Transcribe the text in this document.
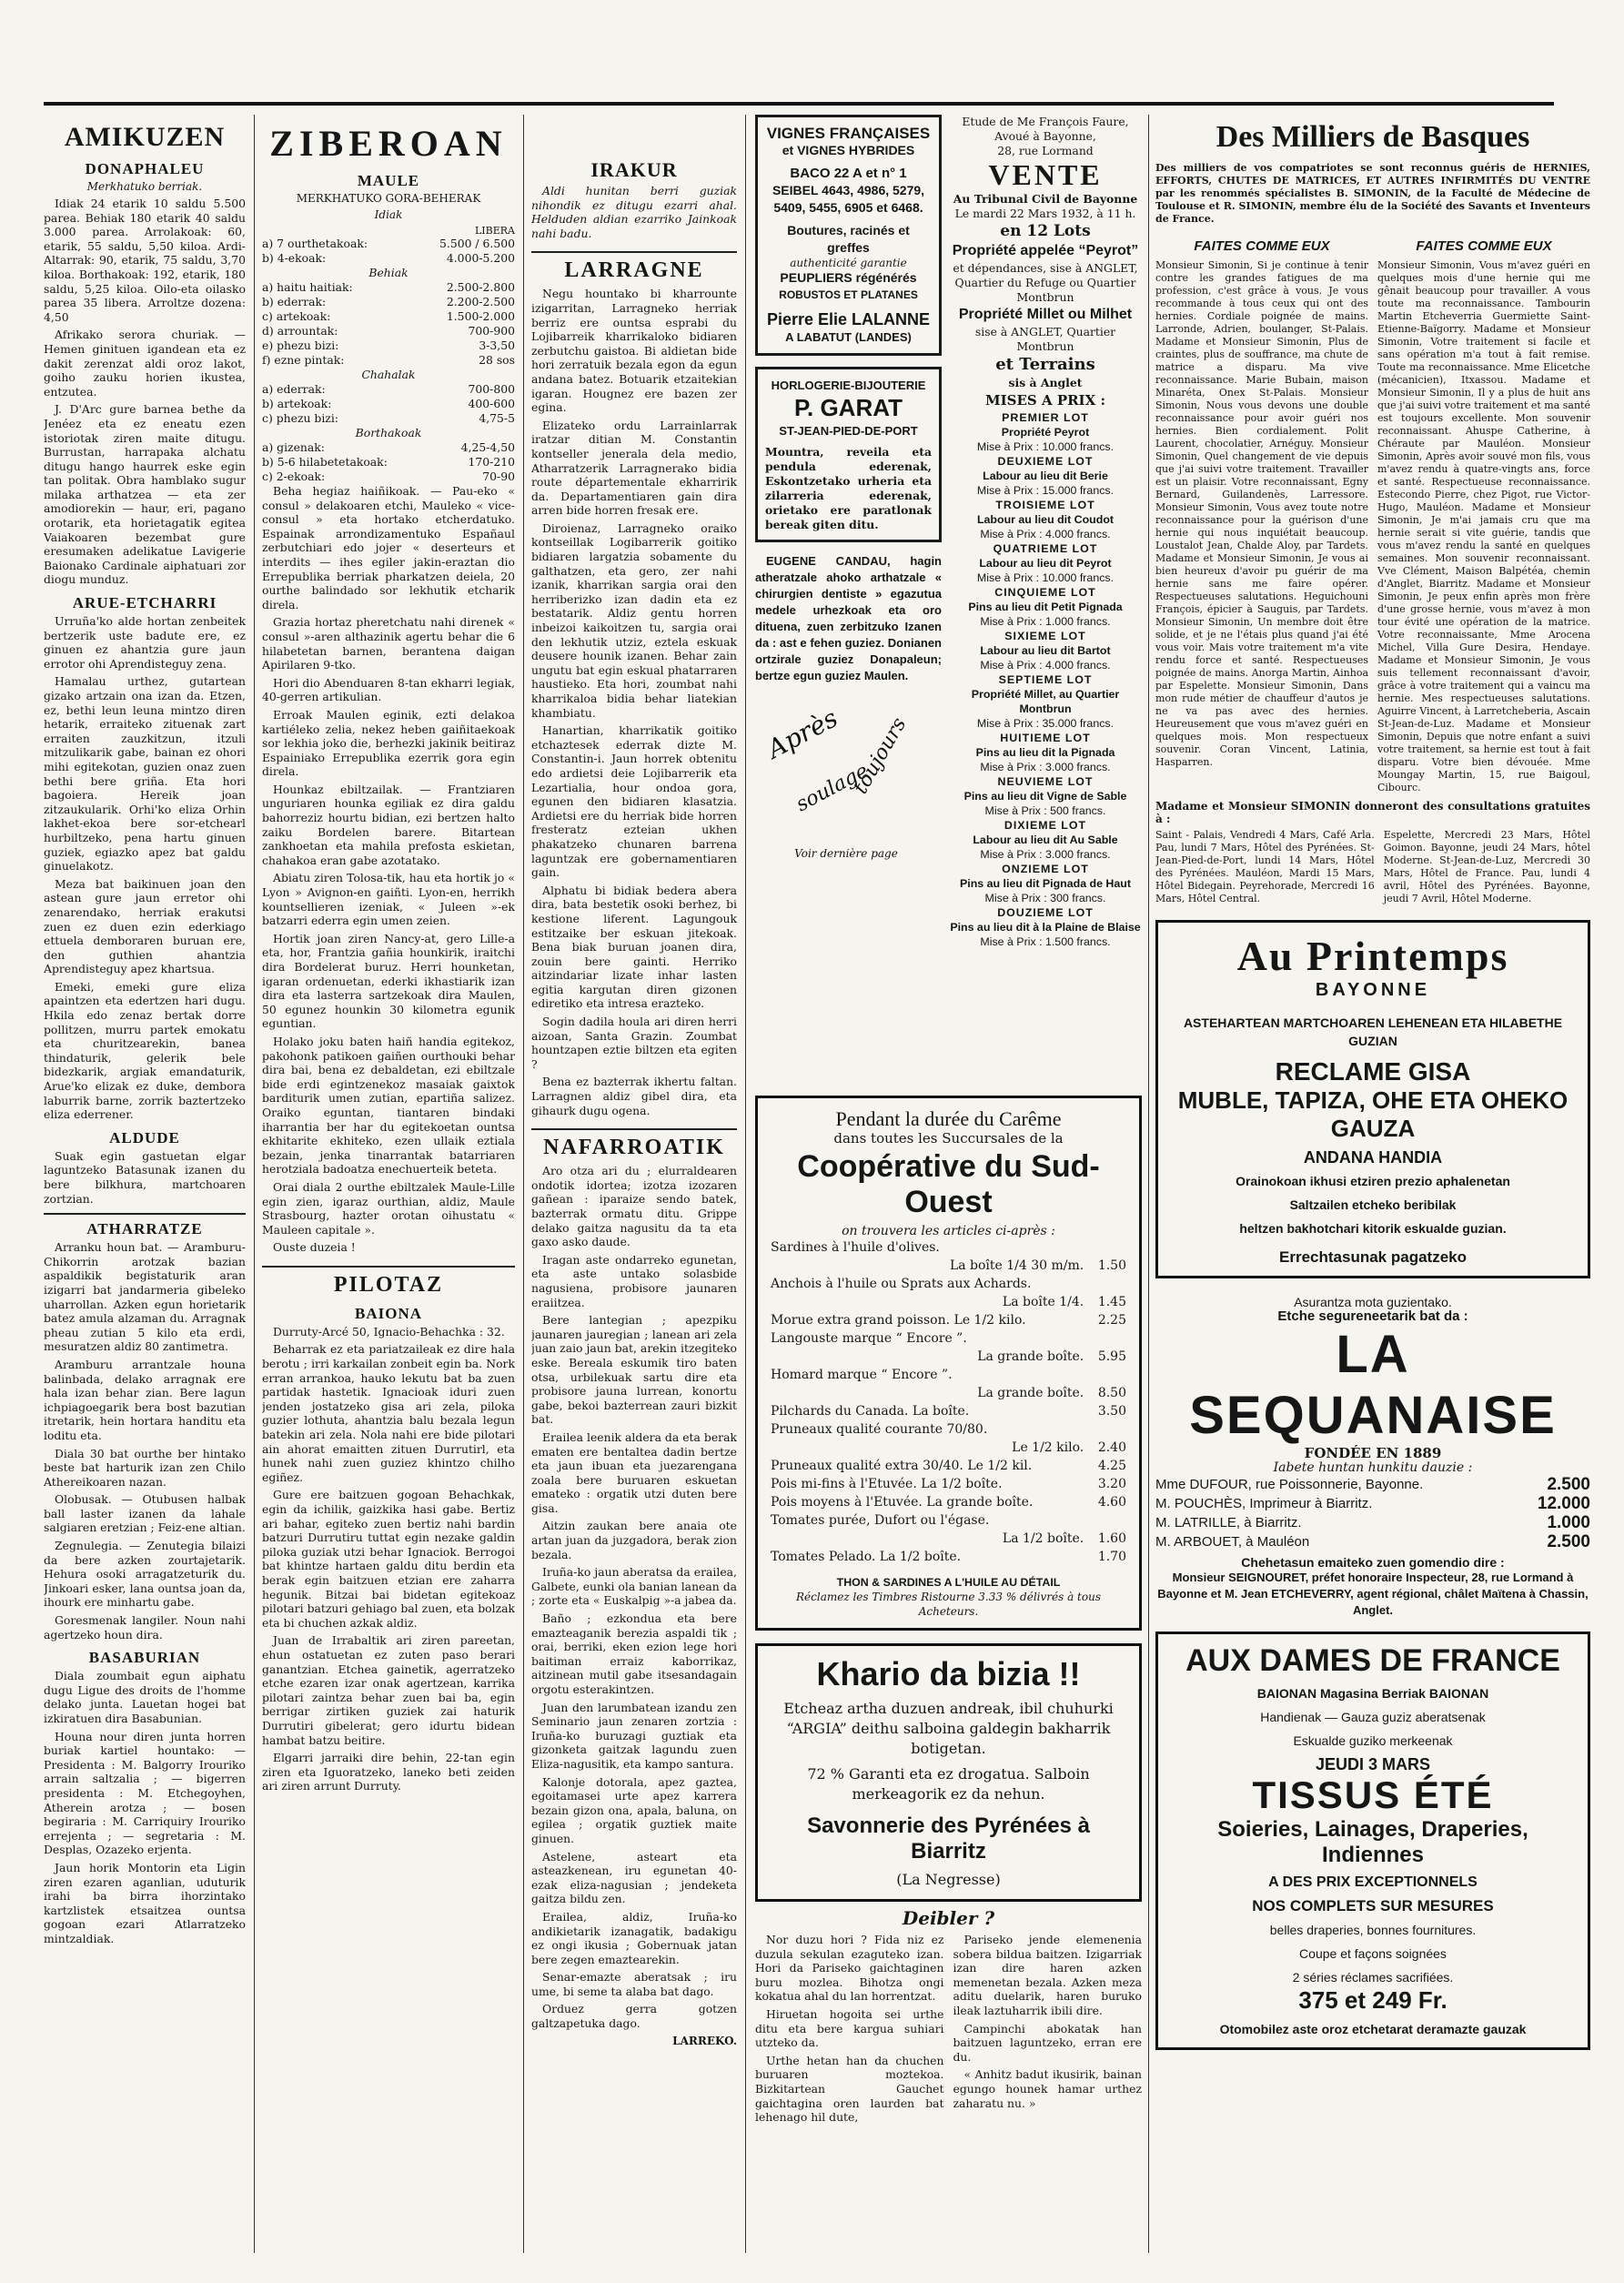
AMIKUZEN
DONAPHALEU
Merkhatuko berriak.

Idiak 24 etarik 10 saldu 5.500 parea. Behiak 180 etarik 40 saldu 3.000 parea. Arrolakoak: 60, etarik, 55 saldu, 5,50 kiloa. Ardi-Altarrak: 90, etarik, 75 saldu, 3,70 kiloa. Borthakoak: 192, etarik, 180 saldu, 5,25 kiloa. Oilo-eta oilasko parea 35 libera. Arroltze dozena: 4,50

Afrikako serora churiak. — Hemen ginituen igandean eta ez dakit zerenzat aldi oroz lakot, goiho zauku horien ikustea, entzutea.

J. D'Arc gure barnea bethe da Jenéez eta ez eneatu ezen istoriotak ziren maite ditugu. Burrustan, harrapaka alchatu ditugu hango haurrek eske egin tan politak. Obra hamblako sugur milaka arthatzea — eta zer amodiorekin — haur, eri, pagano orotarik, eta horietagatik egitea Vaiakoaren bezembat gure eresumaken adelikatue Lavigerie Baionako Cardinale aiphatuari zor diogu munduz.

ARUE-ETCHARRI

Urruña'ko alde hortan zenbeitek bertzerik uste badute ere, ez ginuen ez ahantzia gure jaun errotor ohi Aprendisteguy zena.

Hamalau urthez, gutartean gizako artzain ona izan da. Etzen, ez, bethi leun leuna mintzo diren hetarik, erraiteko zituenak zart erraiten zauzkitzun, itzuli mitzulikarik gabe, bainan ez ohori mihi egitekotan, guzien onaz zuen bethi bere griña. Eta hori bagoiera. Hereik joan zitzaukularik. Orhi'ko eliza Orhin lakhet-ekoa bere sor-etchearl hurbiltzeko, pena hartu ginuen guziek, egiazko apez bat galdu ginuelakotz.

Meza bat baikinuen joan den astean gure jaun erretor ohi zenarendako, herriak erakutsi zuen ez duen ezin ederkiago ettuela demboraren buruan ere, den guthien ahantzia Aprendisteguy apez khartsua.

Emeki, emeki gure eliza apaintzen eta edertzen hari dugu. Hkila edo zenaz bertak dorre pollitzen, murru partek emokatu eta churitzearekin, banea thindaturik, gelerik bele bidezkarik, argiak emandaturik, Arue'ko elizak ez duke, dembora laburrik barne, zorrik baztertzeko eliza ederrener.

ALDUDE

Suak egin gastuetan elgar laguntzeko Batasunak izanen du bere bilkhura, martchoaren zortzian.

ATHARRATZE

Arranku houn bat. — Aramburu-Chikorrin arotzak bazian aspaldikik begistaturik aran izigarri bat jandarmeria gibeleko uharrollan. Azken egun horietarik batez amula alzaman du. Arragnak pheau zutian 5 kilo eta erdi, mesuratzen aldiz 80 zantimetra.

Aramburu arrantzale houna balinbada, delako arragnak ere hala izan behar zian. Bere lagun ichpiagoegarik bera bost bazutian itretarik, hein hortara handitu eta loditu eta.

Diala 30 bat ourthe ber hintako beste bat harturik izan zen Chilo Athereikoaren nazan.

Olobusak. — Otubusen halbak ball laster izanen da lahale salgiaren eretzian ; Feiz-ene altian.

Zegnulegia. — Zenutegia bilaizi da bere azken zourtajetarik. Hehura osoki arragatzeturik du. Jinkoari esker, lana ountsa joan da, ihourk ere minhartu gabe.

Goresmenak langiler. Noun nahi agertzeko houn dira.

BASABURIAN

Diala zoumbait egun aiphatu dugu Ligue des droits de l'homme delako junta. Lauetan hogei bat izkiratuen dira Basabunian.

Houna nour diren junta horren buriak kartiel hountako: — Presidenta : M. Balgorry Irouriko arrain saltzalia ; — bigerren presidenta : M. Etchegoyhen, Atherein arotza ; — bosen begiraria : M. Carriquiry Irouriko errejenta ; — segretaria : M. Desplas, Ozazeko erjenta.

Jaun horik Montorin eta Ligin ziren ezaren aganlian, uduturik irahi ba birra ihorzintako kartzlistek etsaitzea ountsa gogoan ezari Atlarratzeko mintzaldiak.

ZIBEROAN
MAULE
MERKHATUKO GORA-BEHERAK
Idiak
LIBERA
a) 7 ourthetakoak:	5.500 / 6.500
b) 4-ekoak:	4.000-5.200
Behiak	
a) haitu haitiak:	2.500-2.800
b) ederrak:	2.200-2.500
c) artekoak:	1.500-2.000
d) arrountak:	700-900
e) phezu bizi:	3-3,50
f) ezne pintak:	28 sos
Chahalak	
a) ederrak:	700-800
b) artekoak:	400-600
c) phezu bizi:	4,75-5
Borthakoak	
a) gizenak:	4,25-4,50
b) 5-6 hilabetetakoak:	170-210
c) 2-ekoak:	70-90

Beha hegiaz haiñikoak. — Pau-eko « consul » delakoaren etchi, Mauleko « vice-consul » eta hortako etcherdatuko. Espainak arrondizamentuko Españaul zerbutchiari edo jojer « deserteurs et interdits — ihes egiler jakin-eraztan dio Errepublika berriak pharkatzen deiela, 20 ourthe balindado sor lekhutik etcharik direla.

Grazia hortaz pheretchatu nahi direnek « consul »-aren althazinik agertu behar die 6 hilabetetan barnen, berantena daigan Apirilaren 9-tko.

Hori dio Abenduaren 8-tan ekharri legiak, 40-gerren artikulian.

Erroak Maulen eginik, ezti delakoa kartiéleko zelia, nekez heben gaiñitaekoak sor lekhia joko die, berhezki jakinik beitiraz Espainiako Errepublika ezerrik gora egin direla.

Hounkaz ebiltzailak. — Frantziaren unguriaren hounka egiliak ez dira galdu bahorreziz hourtu bidian, ezi bertzen halto zaiku Bordelen barere. Bitartean zankhoetan eta mahila prefosta eskietan, chahakoa eran gabe azotatako.

Abiatu ziren Tolosa-tik, hau eta hortik jo « Lyon » Avignon-en gaiñti. Lyon-en, herrikh kountsellieren izeniak, « Juleen »-ek batzarri ederra egin umen zeien.

Hortik joan ziren Nancy-at, gero Lille-a eta, hor, Frantzia gañia hounkirik, iraitchi dira Bordelerat buruz. Herri hounketan, igaran ordenuetan, ederki ikhastiarik izan dira eta lasterra sartzekoak dira Maulen, 50 egunez hounkin 30 kilometra egunik eguntian.

Holako joku baten haiñ handia egitekoz, pakohonk patikoen gaiñen ourthouki behar dira bai, bena ez debaldetan, ezi ebiltzale bide erdi egintzenekoz masaiak gaixtok barditurik umen zutian, epartiña salizez. Oraiko eguntan, tiantaren bindaki iharrantia ber har du egitekoetan ountsa ekhitarite ekhiteko, ezen ullaik eztiala bezain, jenka tinarrantak batarriaren herotziala badoatza enechuerteik beteta.

Orai diala 2 ourthe ebiltzalek Maule-Lille egin zien, igaraz ourthian, aldiz, Maule Strasbourg, hazter orotan oihustatu « Mauleen capitale ».

Ouste duzeia !

PILOTAZ
BAIONA

Durruty-Arcé 50, Ignacio-Behachka : 32.

Beharrak ez eta pariatzaileak ez dire hala berotu ; irri karkailan zonbeit egin ba. Nork erran arrankoa, hauko lekutu bat ba zuen partidak hastetik. Ignacioak iduri zuen jenden jostatzeko gisa ari zela, piloka guzier lothuta, ahantzia balu bezala legun batekin ari zela. Nola nahi ere bide pilotari ain ahorat emaitten zituen Durrutirl, eta hunek nahi zuen guziez khintzo chilho egiñez.

Gure ere baitzuen gogoan Behachkak, egin da ichilik, gaizkika hasi gabe. Bertiz ari bahar, egiteko zuen bertiz nahi bardin batzuri Durrutiru tuttat egin nezake galdin piloka guziak utzi behar Ignaciok. Berrogoi bat khintze hartaen galdu ditu berdin eta berak egin baitzuen etzian ere zaharra hegunik. Bitzai bai bidetan egitekoaz pilotari batzuri gehiago bal zuen, eta bolzak eta bi chuchen azkak aldiz.

Juan de Irrabaltik ari ziren pareetan, ehun ostatuetan ez zuten paso berari ganantzian. Etchea gainetik, agerratzeko etche ezaren izar onak agertzean, karrika pilotari zaintza behar zuen bai ba, egin berrigar zirtiken guziek zai haturik Durrutiri gibelerat; gero idurtu bidean hambat batzu beitire.

Elgarri jarraiki dire behin, 22-tan egin ziren eta Iguoratzeko, laneko beti zeiden ari ziren arrunt Durruty.

IRAKUR

Aldi hunitan berri guziak nihondik ez ditugu ezarri ahal. Helduden aldian ezarriko Jainkoak nahi badu.

LARRAGNE

Negu hountako bi kharrounte izigarritan, Larragneko herriak berriz ere ountsa esprabi du Lojibarreik kharrikaloko bidiaren zerbutchu gaistoa. Bi aldietan bide hori zerratuik bezala egon da egun andana batez. Botuarik etzaitekian igaran. Hougnez ere bazen zer egina.

Elizateko ordu Larrainlarrak iratzar ditian M. Constantin kontseller jenerala dela medio, Atharratzerik Larragnerako bidia route départementale ekharririk da. Departamentiaren gain dira arren bide horren fresak ere.

Diroienaz, Larragneko oraiko kontseillak Logibarrerik goitiko bidiaren largatzia sobamente du galthatzen, eta gero, zer nahi izanik, kharrikan sargia orai den herriberizko izan dadin eta ez bestatarik. Aldiz gentu horren inbeizoi kaikoitzen tu, sargia orai den lekhutik utziz, eztela eskuak deusere hounik izanen. Behar zain ungutu bat egin eskual phatarraren haustieko. Eta hori, zoumbat nahi kharrikaloa bidia behar liatekian khambiatu.

Hanartian, kharrikatik goitiko etchaztesek ederrak dizte M. Constantin-i. Jaun horrek obtenitu edo ardietsi deie Lojibarrerik eta Lezartialia, hour ondoa gora, egunen den bidiaren klasatzia. Ardietsi ere du herriak bide horren fresteratz ezteian ukhen phakatzeko chunaren barrena laguntzak ere gobernamentiaren gain.

Alphatu bi bidiak bedera abera dira, bata bestetik osoki berhez, bi kestione liferent. Lagungouk estitzaike ber eskuan jitekoak. Bena biak buruan joanen dira, zouin bere gainti. Herriko aitzindariar lizate inhar lasten egitia kargutan diren gizonen ediretiko eta intresa erazteko.

Sogin dadila houla ari diren herri aizoan, Santa Grazin. Zoumbat hountzapen eztie biltzen eta egiten ?

Bena ez bazterrak ikhertu faltan. Larragnen aldiz gibel dira, eta gihaurk dugu ogena.

NAFARROATIK

Aro otza ari du ; elurraldearen ondotik idortea; izotza izozaren gañean : iparaize sendo batek, bazterrak ormatu ditu. Grippe delako gaitza nagusitu da ta eta gaxo asko daude.

Iragan aste ondarreko egunetan, eta aste untako solasbide nagusiena, probisore jaunaren eraiitzea.

Bere lantegian ; apezpiku jaunaren jauregian ; lanean ari zela juan zaio jaun bat, arekin itzegiteko eske. Bereala eskumik tiro baten otsa, urbilekuak sartu dire eta probisore jauna lurrean, konortu gabe, bekoi bazterrean zauri bizkit bat.

Erailea leenik aldera da eta berak ematen ere bentaltea dadin bertze eta jaun ibuan eta juezarengana zoala bere buruaren eskuetan emateko : orgatik utzi duten bere gisa.

Aitzin zaukan bere anaia ote artan juan da juzgadora, berak zion bezala.

Iruña-ko jaun aberatsa da erailea, Galbete, eunki ola banian lanean da ; zorte eta « Euskalpig »-a jabea da.

Baño ; ezkondua eta bere emazteaganik berezia aspaldi tik ; orai, berriki, eken ezion lege hori baitiman erraiz kaborrikaz, aitzinean mutil gabe itsesandagain orgotu esterakintzen.

Juan den larumbatean izandu zen Seminario jaun zenaren zortzia : Iruña-ko buruzagi guztiak eta gizonketa gaitzak lagundu zuen Eliza-nagusitik, eta kampo santura.

Kalonje dotorala, apez gaztea, egoitamasei urte apez karrera bezain gizon ona, apala, baluna, on egilea ; orgatik guztiek maite ginuen.

Astelene, asteart eta asteazkenean, iru egunetan 40-ezak eliza-nagusian ; jendeketa gaitza bildu zen.

Erailea, aldiz, Iruña-ko andikietarik izanagatik, badakigu ez ongi ikusia ; Gobernuak jatan bere zegen emaztearekin.

Senar-emazte aberatsak ; iru ume, bi seme ta alaba bat dago.

Orduez gerra gotzen galtzapetuka dago.

LARREKO.
VIGNES FRANÇAISES
et VIGNES HYBRIDES
BACO 22 A et n° 1
SEIBEL 4643, 4986, 5279, 5409, 5455, 6905 et 6468.
Boutures, racinés et greffes
authenticité garantie
PEUPLIERS régénérés
ROBUSTOS ET PLATANES
Pierre Elie LALANNE
A LABATUT (LANDES)
HORLOGERIE-BIJOUTERIE
P. GARAT
ST-JEAN-PIED-DE-PORT
Mountra, reveila eta pendula ederenak, Eskontzetako urheria eta zilarreria ederenak, orietako ere paratlonak bereak giten ditu.

EUGENE CANDAU, hagin atheratzale ahoko arthatzale « chirurgien dentiste » egazutua medele urhezkoak eta oro dituena, zuen zerbitzuko Izanen da : ast e fehen guziez. Donianen ortzirale guziez Donapaleun; bertze egun guziez Maulen.

Après
soulage
toujours
Voir dernière page
Etude de Me François Faure,
Avoué à Bayonne,
28, rue Lormand
VENTE
Au Tribunal Civil de Bayonne
Le mardi 22 Mars 1932, à 11 h.
en 12 Lots
Propriété appelée “Peyrot”
et dépendances, sise à ANGLET, Quartier du Refuge ou Quartier Montbrun
Propriété Millet ou Milhet
sise à ANGLET, Quartier Montbrun
et Terrains
sis à Anglet
MISES A PRIX :
PREMIER LOT
Propriété Peyrot
Mise à Prix : 10.000 francs.
DEUXIEME LOT
Labour au lieu dit Berie
Mise à Prix : 15.000 francs.
TROISIEME LOT
Labour au lieu dit Coudot
Mise à Prix : 4.000 francs.
QUATRIEME LOT
Labour au lieu dit Peyrot
Mise à Prix : 10.000 francs.
CINQUIEME LOT
Pins au lieu dit Petit Pignada
Mise à Prix : 1.000 francs.
SIXIEME LOT
Labour au lieu dit Bartot
Mise à Prix : 4.000 francs.
SEPTIEME LOT
Propriété Millet, au Quartier Montbrun
Mise à Prix : 35.000 francs.
HUITIEME LOT
Pins au lieu dit la Pignada
Mise à Prix : 3.000 francs.
NEUVIEME LOT
Pins au lieu dit Vigne de Sable
Mise à Prix : 500 francs.
DIXIEME LOT
Labour au lieu dit Au Sable
Mise à Prix : 3.000 francs.
ONZIEME LOT
Pins au lieu dit Pignada de Haut
Mise à Prix : 300 francs.
DOUZIEME LOT
Pins au lieu dit à la Plaine de Blaise
Mise à Prix : 1.500 francs.
Pendant la durée du Carême
dans toutes les Succursales de la
Coopérative du Sud-Ouest
on trouvera les articles ci-après :
Sardines à l'huile d'olives.	
La boîte 1/4 30 m/m.	1.50
Anchois à l'huile ou Sprats aux Achards.	
La boîte 1/4.	1.45
Morue extra grand poisson. Le 1/2 kilo.	2.25
Langouste marque “ Encore ”.	
La grande boîte.	5.95
Homard marque “ Encore ”.	
La grande boîte.	8.50
Pilchards du Canada. La boîte.	3.50
Pruneaux qualité courante 70/80.	
Le 1/2 kilo.	2.40
Pruneaux qualité extra 30/40. Le 1/2 kil.	4.25
Pois mi-fins à l'Etuvée. La 1/2 boîte.	3.20
Pois moyens à l'Etuvée. La grande boîte.	4.60
Tomates purée, Dufort ou l'égase.	
La 1/2 boîte.	1.60
Tomates Pelado. La 1/2 boîte.	1.70
THON & SARDINES A L'HUILE AU DÉTAIL
Réclamez les Timbres Ristourne 3.33 % délivrés à tous Acheteurs.
Khario da bizia !!
Etcheaz artha duzuen andreak, ibil chuhurki “ARGIA” deithu salboina galdegin bakharrik botigetan.
72 % Garanti eta ez drogatua. Salboin merkeagorik ez da nehun.
Savonnerie des Pyrénées à Biarritz
(La Negresse)
Deibler ?

Nor duzu hori ? Fida niz ez duzula sekulan ezaguteko izan. Hori da Pariseko gaichtaginen buru mozlea. Bihotza ongi kokatua ahal du lan horrentzat.

Hiruetan hogoita sei urthe ditu eta bere kargua suhiari utzteko da.

Urthe hetan han da chuchen buruaren moztekoa. Bizkitartean Gauchet gaichtagina oren laurden bat lehenago hil dute,

Pariseko jende elemenenia sobera bildua baitzen. Izigarriak izan dire haren azken memenetan bezala. Azken meza aditu duelarik, haren buruko ileak laztuharrik ibili dire.

Campinchi abokatak han baitzuen laguntzeko, erran ere du.

« Anhitz badut ikusirik, bainan egungo hounek hamar urthez zaharatu nu. »

Des Milliers de Basques

Des milliers de vos compatriotes se sont reconnus guéris de HERNIES, EFFORTS, CHUTES DE MATRICES, ET AUTRES INFIRMITÉS DU VENTRE par les renommés spécialistes B. SIMONIN, de la Faculté de Médecine de Toulouse et R. SIMONIN, membre élu de la Société des Savants et Inventeurs de France.

FAITES COMME EUX

Monsieur Simonin, Si je continue à tenir contre les grandes fatigues de ma profession, c'est grâce à vous. Je vous recommande à tous ceux qui ont des hernies. Cordiale poignée de mains. Larronde, Adrien, boulanger, St-Palais. Madame et Monsieur Simonin, Plus de craintes, plus de souffrance, ma chute de matrice a disparu. Ma vive reconnaissance. Marie Bubain, maison Minaréta, Onex St-Palais. Monsieur Simonin, Nous vous devons une double reconnaissance pour avoir guéri nos hernies. Bien cordialement. Polit Laurent, chocolatier, Arnéguy. Monsieur Simonin, Quel changement de vie depuis que j'ai suivi votre traitement. Travailler est un plaisir. Votre reconnaissant, Egny Bernard, Guilandenès, Larressore. Monsieur Simonin, Vous avez toute notre reconnaissance pour la guérison d'une hernie qui nous inquiétait beaucoup. Loustalot Jean, Chalde Aloy, par Tardets. Madame et Monsieur Simonin, Je vous ai bien heureux d'avoir pu guérir de ma hernie sans me faire opérer. Respectueuses salutations. Heguichouni François, épicier à Sauguis, par Tardets. Monsieur Simonin, Un membre doit être solide, et je ne l'étais plus quand j'ai été vous voir. Mais votre traitement m'a vite rendu force et santé. Respectueuses poignée de mains. Anorga Martin, Ainhoa par Espelette. Monsieur Simonin, Dans mon rude métier de chauffeur d'autos je ne va pas avec des hernies. Heureusement que vous m'avez guéri en quelques mois. Mon respectueux souvenir. Coran Vincent, Latinia, Hasparren.

FAITES COMME EUX

Monsieur Simonin, Vous m'avez guéri en quelques mois d'une hernie qui me gênait beaucoup pour travailler. A vous toute ma reconnaissance. Tambourin Martin Etcheverria Guermiette Saint-Etienne-Baïgorry. Madame et Monsieur Simonin, Votre traitement si facile et sans opération m'a tout à fait remise. Toute ma reconnaissance. Mme Elicetche (mécanicien), Itxassou. Madame et Monsieur Simonin, Il y a plus de huit ans que j'ai suivi votre traitement et ma santé est toujours excellente. Mon souvenir reconnaissant. Ahuspe Catherine, à Chéraute par Mauléon. Monsieur Simonin, Après avoir souvé mon fils, vous m'avez rendu à quatre-vingts ans, force et santé. Respectueuse reconnaissance. Estecondo Pierre, chez Pigot, rue Victor-Hugo, Mauléon. Madame et Monsieur Simonin, Je m'ai jamais cru que ma hernie serait si vite guérie, tandis que vous m'avez rendu la santé en quelques semaines. Mon souvenir reconnaissant. Vve Clément, Maison Balpétéa, chemin d'Anglet, Biarritz. Madame et Monsieur Simonin, Je peux enfin après mon frère d'une grosse hernie, vous m'avez à mon tour évité une opération de la matrice. Votre reconnaissante, Mme Arocena Michel, Villa Gure Desira, Hendaye. Madame et Monsieur Simonin, Je vous suis tellement reconnaissant d'avoir, grâce à votre traitement qui a vaincu ma hernie. Mes respectueuses salutations. Aguirre Vincent, à Larretcheberia, Ascain St-Jean-de-Luz. Madame et Monsieur Simonin, Depuis que notre enfant a suivi votre traitement, sa hernie est tout à fait disparu. Votre bien dévouée. Mme Moungay Martin, 15, rue Baigoul, Cibourc.

Madame et Monsieur SIMONIN donneront des consultations gratuites à :

Saint - Palais, Vendredi 4 Mars, Café Arla. Pau, lundi 7 Mars, Hôtel des Pyrénées. St-Jean-Pied-de-Port, lundi 14 Mars, Hôtel des Pyrénées. Mauléon, Mardi 15 Mars, Hôtel Bidegain. Peyrehorade, Mercredi 16 Mars, Hôtel Central.

Espelette, Mercredi 23 Mars, Hôtel Goimon. Bayonne, jeudi 24 Mars, hôtel Moderne. St-Jean-de-Luz, Mercredi 30 Mars, Hôtel de France. Pau, lundi 4 avril, Hôtel des Pyrénées. Bayonne, jeudi 7 Avril, Hôtel Moderne.

Au Printemps
BAYONNE
ASTEHARTEAN MARTCHOAREN LEHENEAN ETA HILABETHE GUZIAN
RECLAME GISA
MUBLE, TAPIZA, OHE ETA OHEKO GAUZA
ANDANA HANDIA
Orainokoan ikhusi etziren prezio aphalenetan
Saltzailen etcheko beribilak
heltzen bakhotchari kitorik eskualde guzian.
Errechtasunak pagatzeko
Asurantza mota guzientako.
Etche segureneetarik bat da :
LA SEQUANAISE
FONDÉE EN 1889
Iabete huntan hunkitu dauzie :
Mme DUFOUR, rue Poissonnerie, Bayonne.	2.500
M. POUCHÈS, Imprimeur à Biarritz.	12.000
M. LATRILLE, à Biarritz.	1.000
M. ARBOUET, à Mauléon	2.500
Chehetasun emaiteko zuen gomendio dire :
Monsieur SEIGNOURET, préfet honoraire Inspecteur, 28, rue Lormand à Bayonne et M. Jean ETCHEVERRY, agent régional, châlet Maïtena à Chassin, Anglet.
AUX DAMES DE FRANCE
BAIONAN Magasina Berriak BAIONAN
Handienak — Gauza guziz aberatsenak
Eskualde guziko merkeenak
JEUDI 3 MARS
TISSUS ÉTÉ
Soieries, Lainages, Draperies, Indiennes
A DES PRIX EXCEPTIONNELS
NOS COMPLETS SUR MESURES
belles draperies, bonnes fournitures.
Coupe et façons soignées
2 séries réclames sacrifiées.
375 et 249 Fr.
Otomobilez aste oroz etchetarat deramazte gauzak
